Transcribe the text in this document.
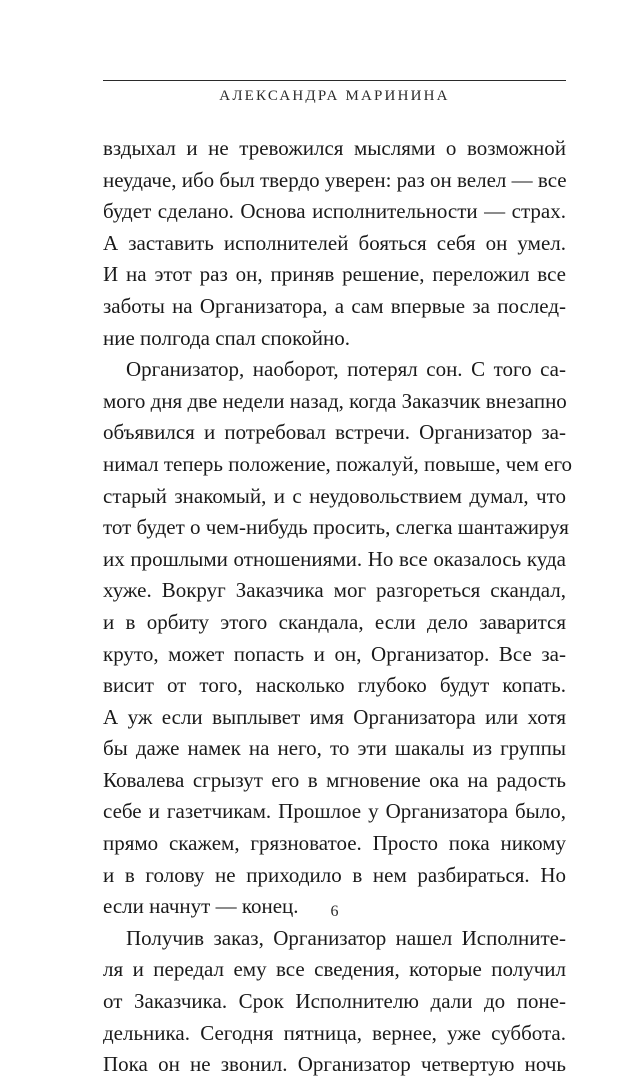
АЛЕКСАНДРА МАРИНИНА
вздыхал и не тревожился мыслями о возможной
неудаче, ибо был твердо уверен: раз он велел — все
будет сделано. Основа исполнительности — страх.
А заставить исполнителей бояться себя он умел.
И на этот раз он, приняв решение, переложил все
заботы на Организатора, а сам впервые за послед-
ние полгода спал спокойно.
Организатор, наоборот, потерял сон. С того са-
мого дня две недели назад, когда Заказчик внезапно
объявился и потребовал встречи. Организатор за-
нимал теперь положение, пожалуй, повыше, чем его
старый знакомый, и с неудовольствием думал, что
тот будет о чем-нибудь просить, слегка шантажируя
их прошлыми отношениями. Но все оказалось куда
хуже. Вокруг Заказчика мог разгореться скандал,
и в орбиту этого скандала, если дело заварится
круто, может попасть и он, Организатор. Все за-
висит от того, насколько глубоко будут копать.
А уж если выплывет имя Организатора или хотя
бы даже намек на него, то эти шакалы из группы
Ковалева сгрызут его в мгновение ока на радость
себе и газетчикам. Прошлое у Организатора было,
прямо скажем, грязноватое. Просто пока никому
и в голову не приходило в нем разбираться. Но
если начнут — конец.
Получив заказ, Организатор нашел Исполните-
ля и передал ему все сведения, которые получил
от Заказчика. Срок Исполнителю дали до поне-
дельника. Сегодня пятница, вернее, уже суббота.
Пока он не звонил. Организатор четвертую ночь
6
